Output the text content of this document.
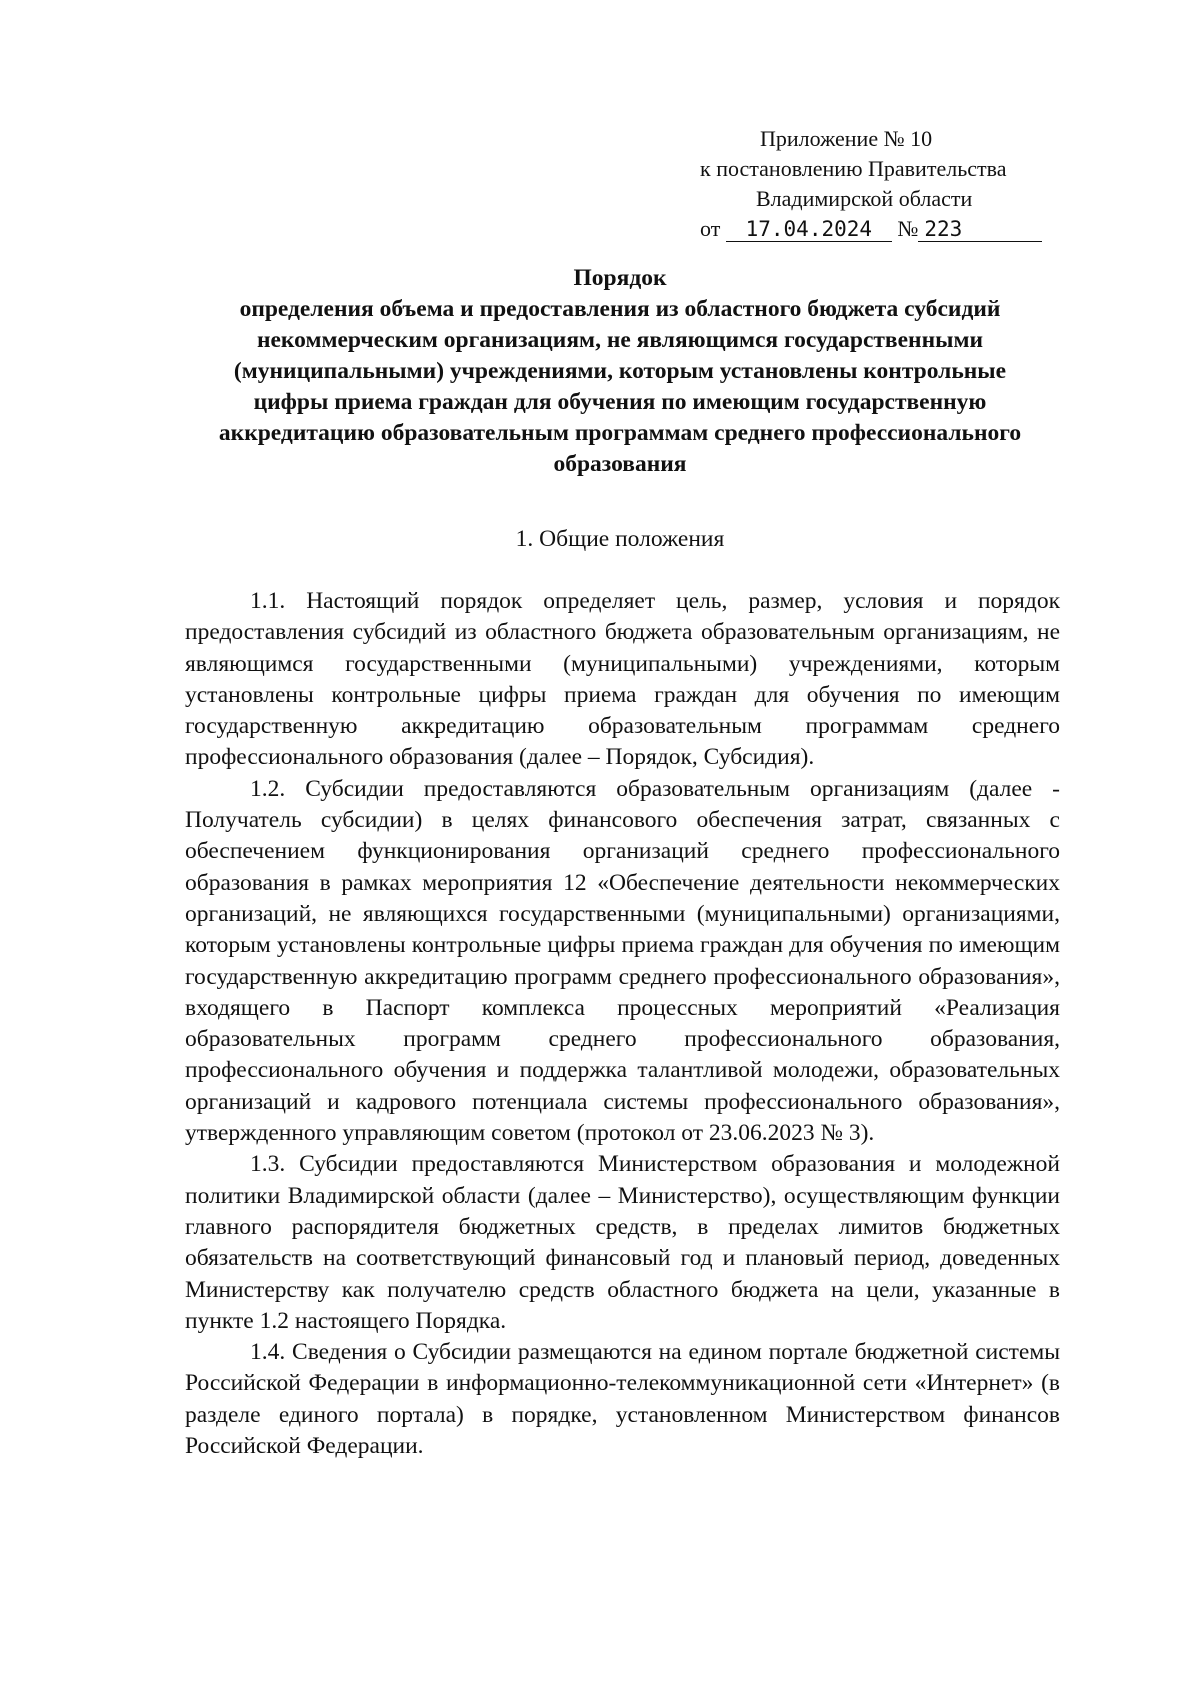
Приложение № 10
к постановлению Правительства
Владимирской области
от 17.04.2024 № 223
Порядок
определения объема и предоставления из областного бюджета субсидий
некоммерческим организациям, не являющимся государственными
(муниципальными) учреждениями, которым установлены контрольные
цифры приема граждан для обучения по имеющим государственную
аккредитацию образовательным программам среднего профессионального
образования
1. Общие положения

1.1. Настоящий порядок определяет цель, размер, условия и порядок предоставления субсидий из областного бюджета образовательным организациям, не являющимся государственными (муниципальными) учреждениями, которым установлены контрольные цифры приема граждан для обучения по имеющим государственную аккредитацию образовательным программам среднего профессионального образования (далее – Порядок, Субсидия).

1.2. Субсидии предоставляются образовательным организациям (далее - Получатель субсидии) в целях финансового обеспечения затрат, связанных с обеспечением функционирования организаций среднего профессионального образования в рамках мероприятия 12 «Обеспечение деятельности некоммерческих организаций, не являющихся государственными (муниципальными) организациями, которым установлены контрольные цифры приема граждан для обучения по имеющим государственную аккредитацию программ среднего профессионального образования», входящего в Паспорт комплекса процессных мероприятий «Реализация образовательных программ среднего профессионального образования, профессионального обучения и поддержка талантливой молодежи, образовательных организаций и кадрового потенциала системы профессионального образования», утвержденного управляющим советом (протокол от 23.06.2023 № 3).

1.3. Субсидии предоставляются Министерством образования и молодежной политики Владимирской области (далее – Министерство), осуществляющим функции главного распорядителя бюджетных средств, в пределах лимитов бюджетных обязательств на соответствующий финансовый год и плановый период, доведенных Министерству как получателю средств областного бюджета на цели, указанные в пункте 1.2 настоящего Порядка.

1.4. Сведения о Субсидии размещаются на едином портале бюджетной системы Российской Федерации в информационно-телекоммуникационной сети «Интернет» (в разделе единого портала) в порядке, установленном Министерством финансов Российской Федерации.
